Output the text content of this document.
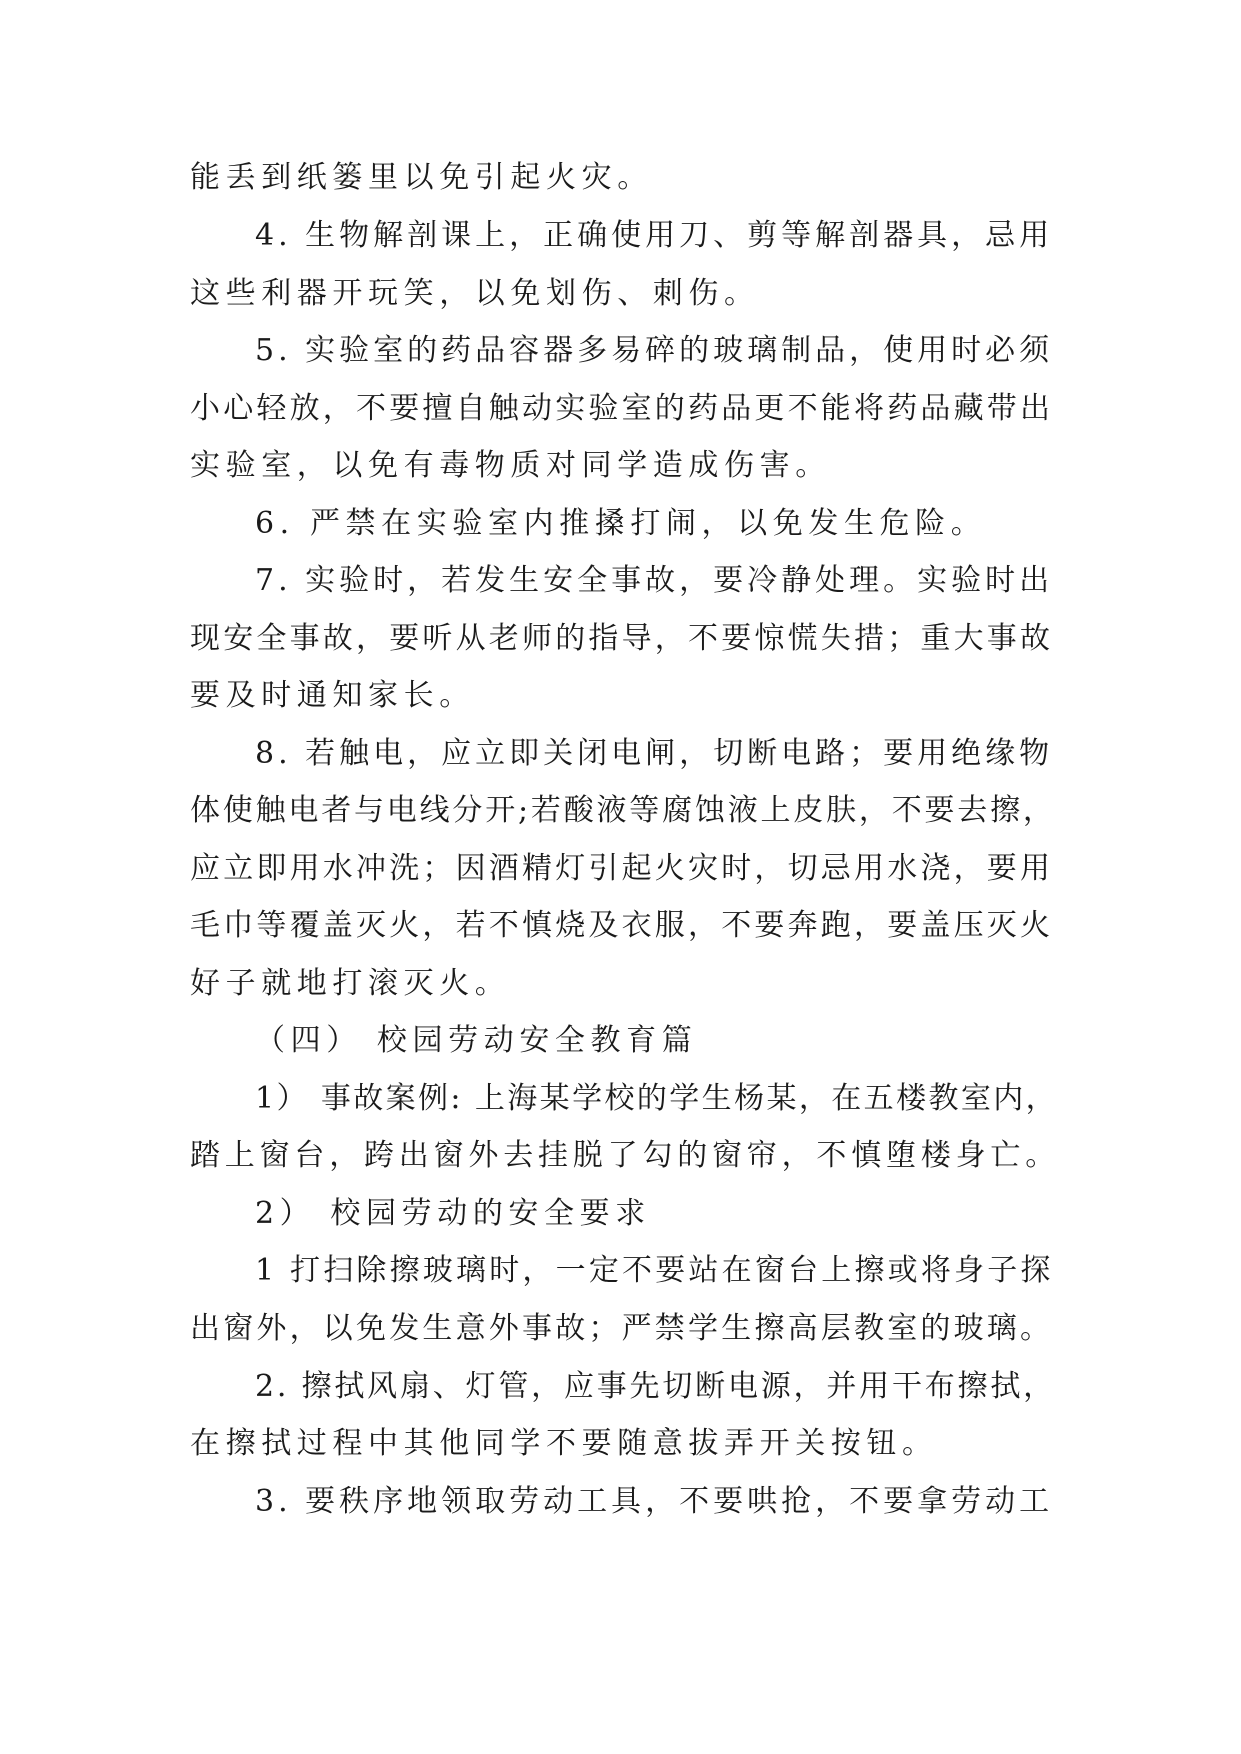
能丢到纸篓里以免引起火灾。
4. 生物解剖课上，正确使用刀、剪等解剖器具，忌用
这些利器开玩笑，以免划伤、刺伤。
5. 实验室的药品容器多易碎的玻璃制品，使用时必须
小心轻放，不要擅自触动实验室的药品更不能将药品藏带出
实验室，以免有毒物质对同学造成伤害。
6. 严禁在实验室内推搡打闹，以免发生危险。
7. 实验时，若发生安全事故，要冷静处理。实验时出
现安全事故，要听从老师的指导，不要惊慌失措；重大事故
要及时通知家长。
8. 若触电，应立即关闭电闸，切断电路；要用绝缘物
体使触电者与电线分开;若酸液等腐蚀液上皮肤，不要去擦，
应立即用水冲洗；因酒精灯引起火灾时，切忌用水浇，要用
毛巾等覆盖灭火，若不慎烧及衣服，不要奔跑，要盖压灭火
好子就地打滚灭火。
（四） 校园劳动安全教育篇
1） 事故案例: 上海某学校的学生杨某，在五楼教室内，
踏上窗台，跨出窗外去挂脱了勾的窗帘，不慎堕楼身亡。
2） 校园劳动的安全要求
1 打扫除擦玻璃时，一定不要站在窗台上擦或将身子探
出窗外，以免发生意外事故；严禁学生擦高层教室的玻璃。
2. 擦拭风扇、灯管，应事先切断电源，并用干布擦拭，
在擦拭过程中其他同学不要随意拔弄开关按钮。
3. 要秩序地领取劳动工具，不要哄抢，不要拿劳动工
